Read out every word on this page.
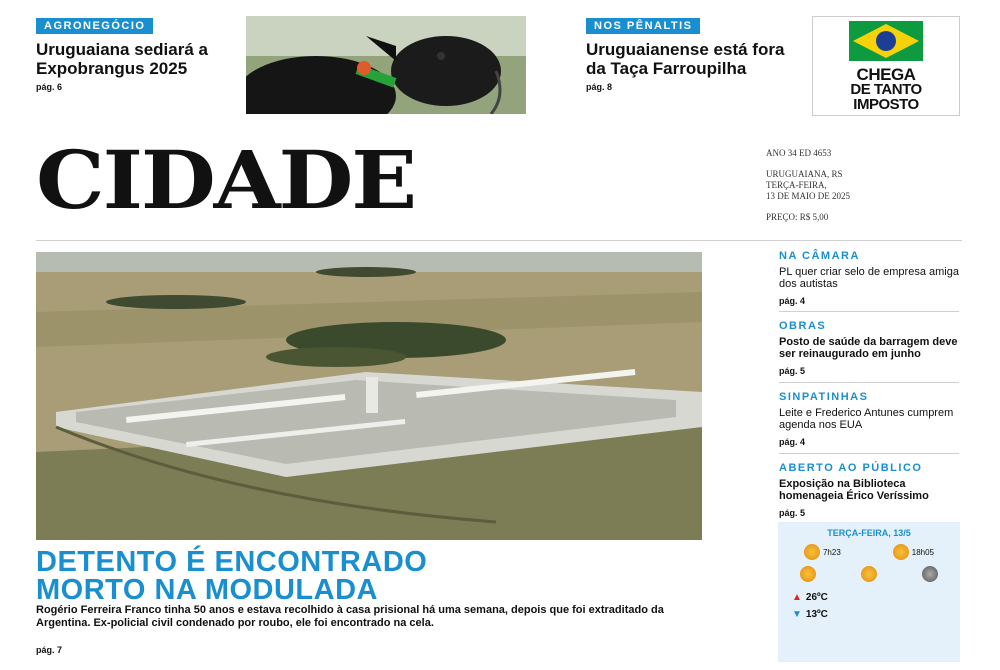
AGRONEGÓCIO
Uruguaiana sediará a Expobrangus 2025
pág. 6
NOS PÊNALTIS
Uruguaianense está fora da Taça Farroupilha
pág. 8
CHEGA
DE TANTO
IMPOSTO
CIDADE	ANO 34 ED 4653
URUGUAIANA, RS
TERÇA-FEIRA,
13 DE MAIO DE 2025
PREÇO: R$ 5,00
DETENTO É ENCONTRADO
MORTO NA MODULADA
Rogério Ferreira Franco tinha 50 anos e estava recolhido à casa prisional há uma semana, depois que foi extraditado da Argentina. Ex-policial civil condenado por roubo, ele foi encontrado na cela.
pág. 7
NA CÂMARA
PL quer criar selo de empresa amiga dos autistas
pág. 4
OBRAS
Posto de saúde da barragem deve ser reinaugurado em junho
pág. 5
SINPATINHAS
Leite e Frederico Antunes cumprem agenda nos EUA
pág. 4
ABERTO AO PÚBLICO
Exposição na Biblioteca homenageia Érico Veríssimo
pág. 5
TERÇA-FEIRA, 13/5
7h23	18h05
▲ 26ºC
▼ 13ºC
